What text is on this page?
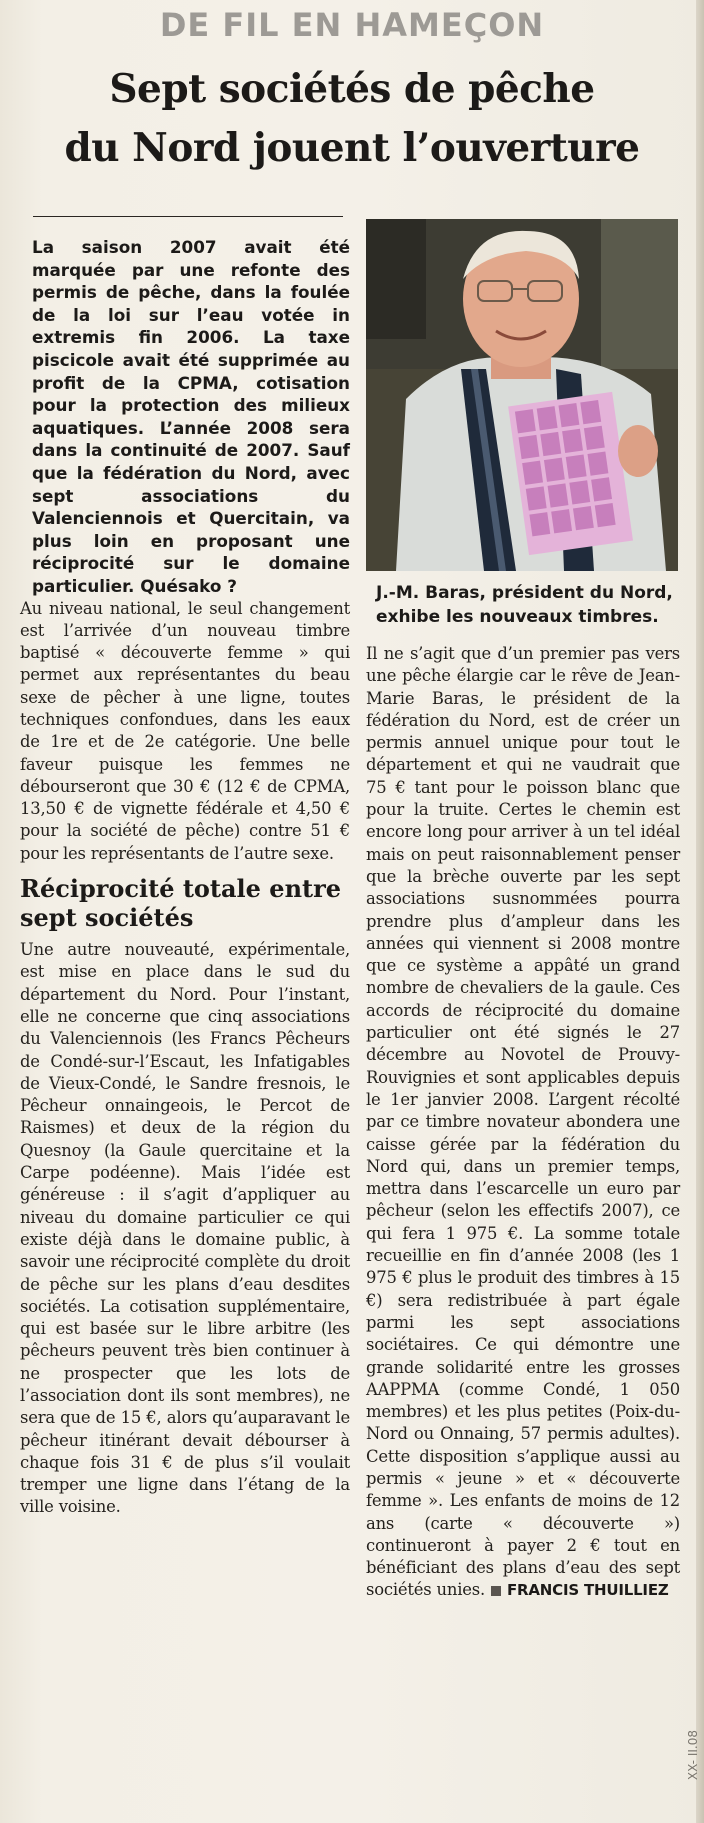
DE FIL EN HAMEÇON
Sept sociétés de pêche
du Nord jouent l’ouverture

La saison 2007 avait été marquée par une refonte des permis de pêche, dans la foulée de la loi sur l’eau votée in extremis fin 2006. La taxe piscicole avait été supprimée au profit de la CPMA, cotisation pour la protection des milieux aquatiques. L’année 2008 sera dans la continuité de 2007. Sauf que la fédération du Nord, avec sept associations du Valenciennois et Quercitain, va plus loin en proposant une réciprocité sur le domaine particulier. Quésako ?

Au niveau national, le seul changement est l’arrivée d’un nouveau timbre baptisé « découverte femme » qui permet aux représentantes du beau sexe de pêcher à une ligne, toutes techniques confondues, dans les eaux de 1re et de 2e catégorie. Une belle faveur puisque les femmes ne débourseront que 30 € (12 € de CPMA, 13,50 € de vignette fédérale et 4,50 € pour la société de pêche) contre 51 € pour les représentants de l’autre sexe.

Réciprocité totale entre sept sociétés

Une autre nouveauté, expérimentale, est mise en place dans le sud du département du Nord. Pour l’instant, elle ne concerne que cinq associations du Valenciennois (les Francs Pêcheurs de Condé-sur-l’Escaut, les Infatigables de Vieux-Condé, le Sandre fresnois, le Pêcheur onnaingeois, le Percot de Raismes) et deux de la région du Quesnoy (la Gaule quercitaine et la Carpe podéenne). Mais l’idée est généreuse : il s’agit d’appliquer au niveau du domaine particulier ce qui existe déjà dans le domaine public, à savoir une réciprocité complète du droit de pêche sur les plans d’eau desdites sociétés. La cotisation supplémentaire, qui est basée sur le libre arbitre (les pêcheurs peuvent très bien continuer à ne prospecter que les lots de l’association dont ils sont membres), ne sera que de 15 €, alors qu’auparavant le pêcheur itinérant devait débourser à chaque fois 31 € de plus s’il voulait tremper une ligne dans l’étang de la ville voisine.

J.-M. Baras, président du Nord, exhibe les nouveaux timbres.

Il ne s’agit que d’un premier pas vers une pêche élargie car le rêve de Jean-Marie Baras, le président de la fédération du Nord, est de créer un permis annuel unique pour tout le département et qui ne vaudrait que 75 € tant pour le poisson blanc que pour la truite. Certes le chemin est encore long pour arriver à un tel idéal mais on peut raisonnablement penser que la brèche ouverte par les sept associations susnommées pourra prendre plus d’ampleur dans les années qui viennent si 2008 montre que ce système a appâté un grand nombre de chevaliers de la gaule. Ces accords de réciprocité du domaine particulier ont été signés le 27 décembre au Novotel de Prouvy-Rouvignies et sont applicables depuis le 1er janvier 2008. L’argent récolté par ce timbre novateur abondera une caisse gérée par la fédération du Nord qui, dans un premier temps, mettra dans l’escarcelle un euro par pêcheur (selon les effectifs 2007), ce qui fera 1 975 €. La somme totale recueillie en fin d’année 2008 (les 1 975 € plus le produit des timbres à 15 €) sera redistribuée à part égale parmi les sept associations sociétaires. Ce qui démontre une grande solidarité entre les grosses AAPPMA (comme Condé, 1 050 membres) et les plus petites (Poix-du-Nord ou Onnaing, 57 permis adultes). Cette disposition s’applique aussi au permis « jeune » et « découverte femme ». Les enfants de moins de 12 ans (carte « découverte ») continueront à payer 2 € tout en bénéficiant des plans d’eau des sept sociétés unies. FRANCIS THUILLIEZ

XX- II.08
